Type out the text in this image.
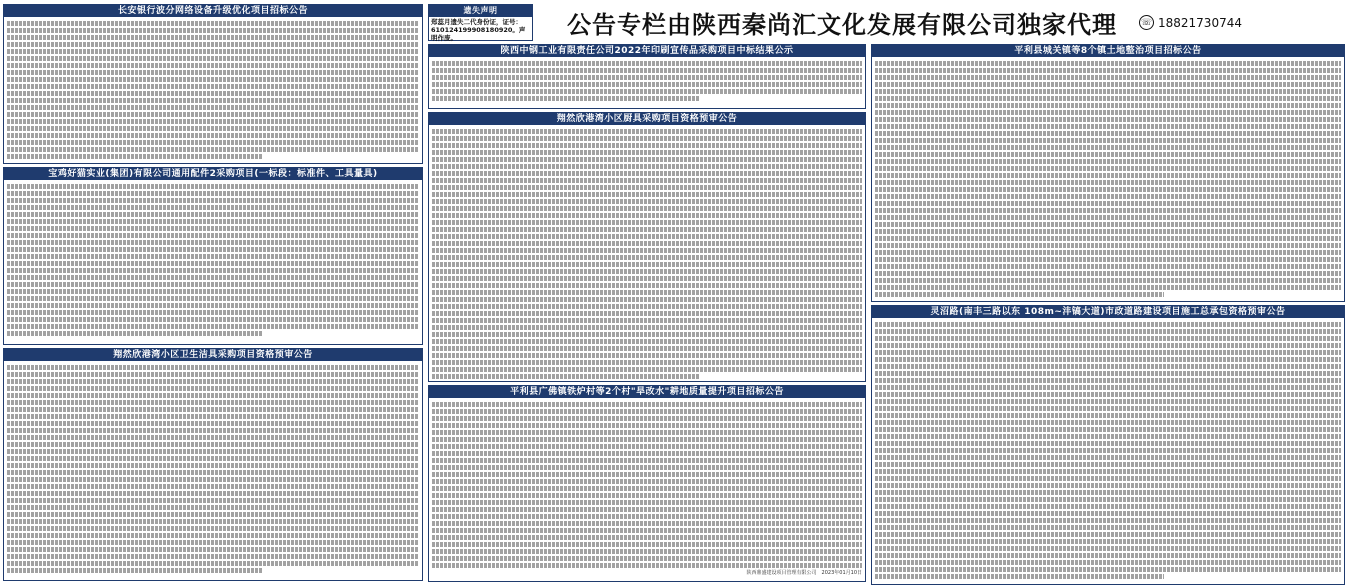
长安银行波分网络设备升级优化项目招标公告
宝鸡好猫实业(集团)有限公司通用配件2采购项目(一标段：标准件、工具量具)
翔然欣港湾小区卫生洁具采购项目资格预审公告
遗失声明
郑蕊月遗失二代身份证，证号：610124199908180920。声明作废。	公告专栏由陕西秦尚汇文化发展有限公司独家代理	☏ 18821730744
陕西中钢工业有限责任公司2022年印刷宣传品采购项目中标结果公示
翔然欣港湾小区厨具采购项目资格预审公告
平利县广佛镇铁炉村等2个村"旱改水"耕地质量提升项目招标公告
陕西鼎盛建设项目管理有限公司　2023年01月10日
平利县城关镇等8个镇土地整治项目招标公告
灵沼路(南丰三路以东 108m~沣镐大道)市政道路建设项目施工总承包资格预审公告
